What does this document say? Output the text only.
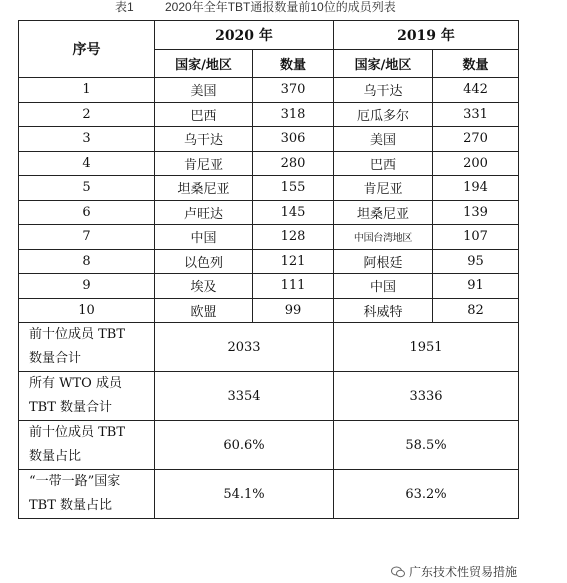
表1	2020年全年TBT通报数量前10位的成员列表
序号	2020 年		2019 年	
	国家/地区	数量	国家/地区	数量
1	美国	370	乌干达	442
2	巴西	318	厄瓜多尔	331
3	乌干达	306	美国	270
4	肯尼亚	280	巴西	200
5	坦桑尼亚	155	肯尼亚	194
6	卢旺达	145	坦桑尼亚	139
7	中国	128	中国台湾地区	107
8	以色列	121	阿根廷	95
9	埃及	111	中国	91
10	欧盟	99	科威特	82
前十位成员 TBT
数量合计	2033		1951	
所有 WTO 成员
TBT 数量合计	3354		3336	
前十位成员 TBT
数量占比	60.6%		58.5%	
“一带一路”国家
TBT 数量占比	54.1%		63.2%	
广东技术性贸易措施
